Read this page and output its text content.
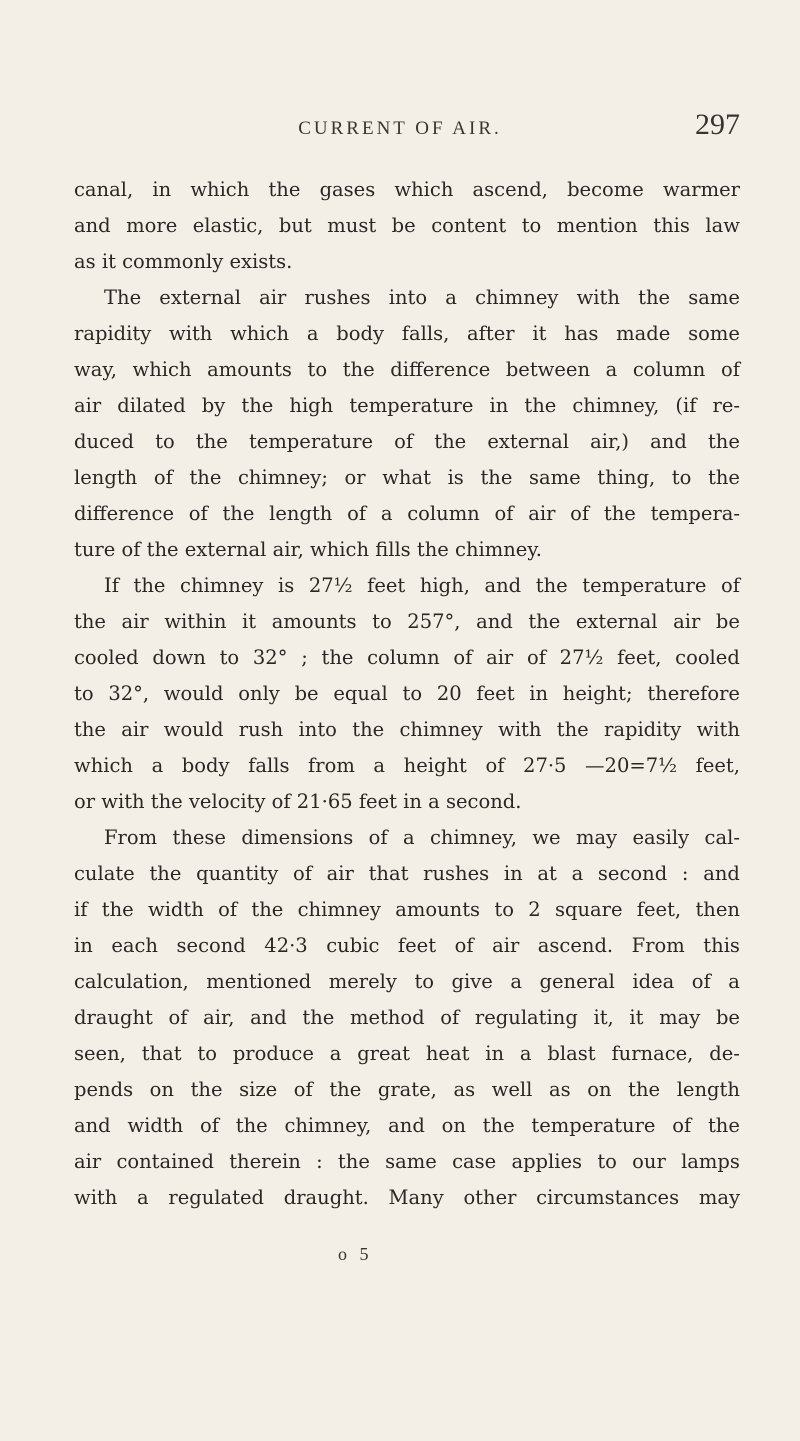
CURRENT OF AIR.	297
canal, in which the gases which ascend, become warmer
and more elastic, but must be content to mention this law
as it commonly exists.
The external air rushes into a chimney with the same
rapidity with which a body falls, after it has made some
way, which amounts to the difference between a column of
air dilated by the high temperature in the chimney, (if re-
duced to the temperature of the external air,) and the
length of the chimney; or what is the same thing, to the
difference of the length of a column of air of the tempera-
ture of the external air, which fills the chimney.
If the chimney is 27½ feet high, and the temperature of
the air within it amounts to 257°, and the external air be
cooled down to 32° ; the column of air of 27½ feet, cooled
to 32°, would only be equal to 20 feet in height; therefore
the air would rush into the chimney with the rapidity with
which a body falls from a height of 27·5 —20=7½ feet,
or with the velocity of 21·65 feet in a second.
From these dimensions of a chimney, we may easily cal-
culate the quantity of air that rushes in at a second : and
if the width of the chimney amounts to 2 square feet, then
in each second 42·3 cubic feet of air ascend. From this
calculation, mentioned merely to give a general idea of a
draught of air, and the method of regulating it, it may be
seen, that to produce a great heat in a blast furnace, de-
pends on the size of the grate, as well as on the length
and width of the chimney, and on the temperature of the
air contained therein : the same case applies to our lamps
with a regulated draught. Many other circumstances may
o 5
